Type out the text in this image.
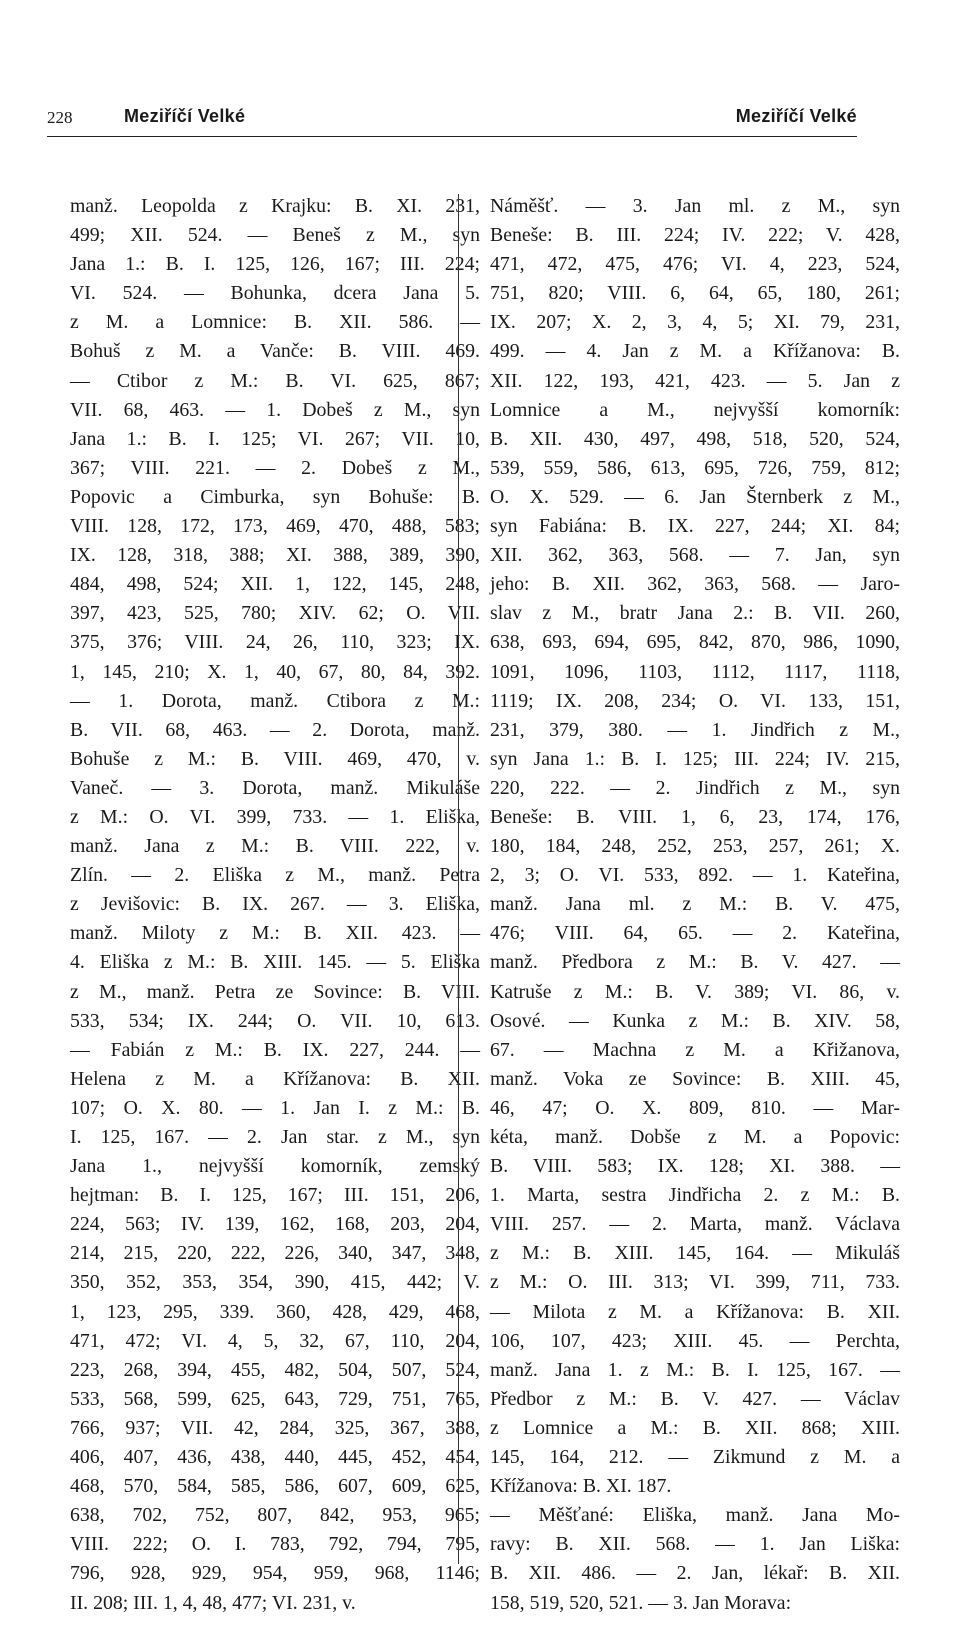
228	Meziříčí Velké	Meziříčí Velké
manž. Leopolda z Krajku: B. XI. 231,
499; XII. 524. — Beneš z M., syn
Jana 1.: B. I. 125, 126, 167; III. 224;
VI. 524. — Bohunka, dcera Jana 5.
z M. a Lomnice: B. XII. 586. —
Bohuš z M. a Vanče: B. VIII. 469.
— Ctibor z M.: B. VI. 625, 867;
VII. 68, 463. — 1. Dobeš z M., syn
Jana 1.: B. I. 125; VI. 267; VII. 10,
367; VIII. 221. — 2. Dobeš z M.,
Popovic a Cimburka, syn Bohuše: B.
VIII. 128, 172, 173, 469, 470, 488, 583;
IX. 128, 318, 388; XI. 388, 389, 390,
484, 498, 524; XII. 1, 122, 145, 248,
397, 423, 525, 780; XIV. 62; O. VII.
375, 376; VIII. 24, 26, 110, 323; IX.
1, 145, 210; X. 1, 40, 67, 80, 84, 392.
— 1. Dorota, manž. Ctibora z M.:
B. VII. 68, 463. — 2. Dorota, manž.
Bohuše z M.: B. VIII. 469, 470, v.
Vaneč. — 3. Dorota, manž. Mikuláše
z M.: O. VI. 399, 733. — 1. Eliška,
manž. Jana z M.: B. VIII. 222, v.
Zlín. — 2. Eliška z M., manž. Petra
z Jevišovic: B. IX. 267. — 3. Eliška,
manž. Miloty z M.: B. XII. 423. —
4. Eliška z M.: B. XIII. 145. — 5. Eliška
z M., manž. Petra ze Sovince: B. VIII.
533, 534; IX. 244; O. VII. 10, 613.
— Fabián z M.: B. IX. 227, 244. —
Helena z M. a Křížanova: B. XII.
107; O. X. 80. — 1. Jan I. z M.: B.
I. 125, 167. — 2. Jan star. z M., syn
Jana 1., nejvyšší komorník, zemský
hejtman: B. I. 125, 167; III. 151, 206,
224, 563; IV. 139, 162, 168, 203, 204,
214, 215, 220, 222, 226, 340, 347, 348,
350, 352, 353, 354, 390, 415, 442; V.
1, 123, 295, 339. 360, 428, 429, 468,
471, 472; VI. 4, 5, 32, 67, 110, 204,
223, 268, 394, 455, 482, 504, 507, 524,
533, 568, 599, 625, 643, 729, 751, 765,
766, 937; VII. 42, 284, 325, 367, 388,
406, 407, 436, 438, 440, 445, 452, 454,
468, 570, 584, 585, 586, 607, 609, 625,
638, 702, 752, 807, 842, 953, 965;
VIII. 222; O. I. 783, 792, 794, 795,
796, 928, 929, 954, 959, 968, 1146;
II. 208; III. 1, 4, 48, 477; VI. 231, v.
Náměšť. — 3. Jan ml. z M., syn
Beneše: B. III. 224; IV. 222; V. 428,
471, 472, 475, 476; VI. 4, 223, 524,
751, 820; VIII. 6, 64, 65, 180, 261;
IX. 207; X. 2, 3, 4, 5; XI. 79, 231,
499. — 4. Jan z M. a Křížanova: B.
XII. 122, 193, 421, 423. — 5. Jan z
Lomnice a M., nejvyšší komorník:
B. XII. 430, 497, 498, 518, 520, 524,
539, 559, 586, 613, 695, 726, 759, 812;
O. X. 529. — 6. Jan Šternberk z M.,
syn Fabiána: B. IX. 227, 244; XI. 84;
XII. 362, 363, 568. — 7. Jan, syn
jeho: B. XII. 362, 363, 568. — Jaro-
slav z M., bratr Jana 2.: B. VII. 260,
638, 693, 694, 695, 842, 870, 986, 1090,
1091, 1096, 1103, 1112, 1117, 1118,
1119; IX. 208, 234; O. VI. 133, 151,
231, 379, 380. — 1. Jindřich z M.,
syn Jana 1.: B. I. 125; III. 224; IV. 215,
220, 222. — 2. Jindřich z M., syn
Beneše: B. VIII. 1, 6, 23, 174, 176,
180, 184, 248, 252, 253, 257, 261; X.
2, 3; O. VI. 533, 892. — 1. Kateřina,
manž. Jana ml. z M.: B. V. 475,
476; VIII. 64, 65. — 2. Kateřina,
manž. Předbora z M.: B. V. 427. —
Katruše z M.: B. V. 389; VI. 86, v.
Osové. — Kunka z M.: B. XIV. 58,
67. — Machna z M. a Křižanova,
manž. Voka ze Sovince: B. XIII. 45,
46, 47; O. X. 809, 810. — Mar-
kéta, manž. Dobše z M. a Popovic:
B. VIII. 583; IX. 128; XI. 388. —
1. Marta, sestra Jindřicha 2. z M.: B.
VIII. 257. — 2. Marta, manž. Václava
z M.: B. XIII. 145, 164. — Mikuláš
z M.: O. III. 313; VI. 399, 711, 733.
— Milota z M. a Křížanova: B. XII.
106, 107, 423; XIII. 45. — Perchta,
manž. Jana 1. z M.: B. I. 125, 167. —
Předbor z M.: B. V. 427. — Václav
z Lomnice a M.: B. XII. 868; XIII.
145, 164, 212. — Zikmund z M. a
Křížanova: B. XI. 187.
— Měšťané: Eliška, manž. Jana Mo-
ravy: B. XII. 568. — 1. Jan Liška:
B. XII. 486. — 2. Jan, lékař: B. XII.
158, 519, 520, 521. — 3. Jan Morava:
